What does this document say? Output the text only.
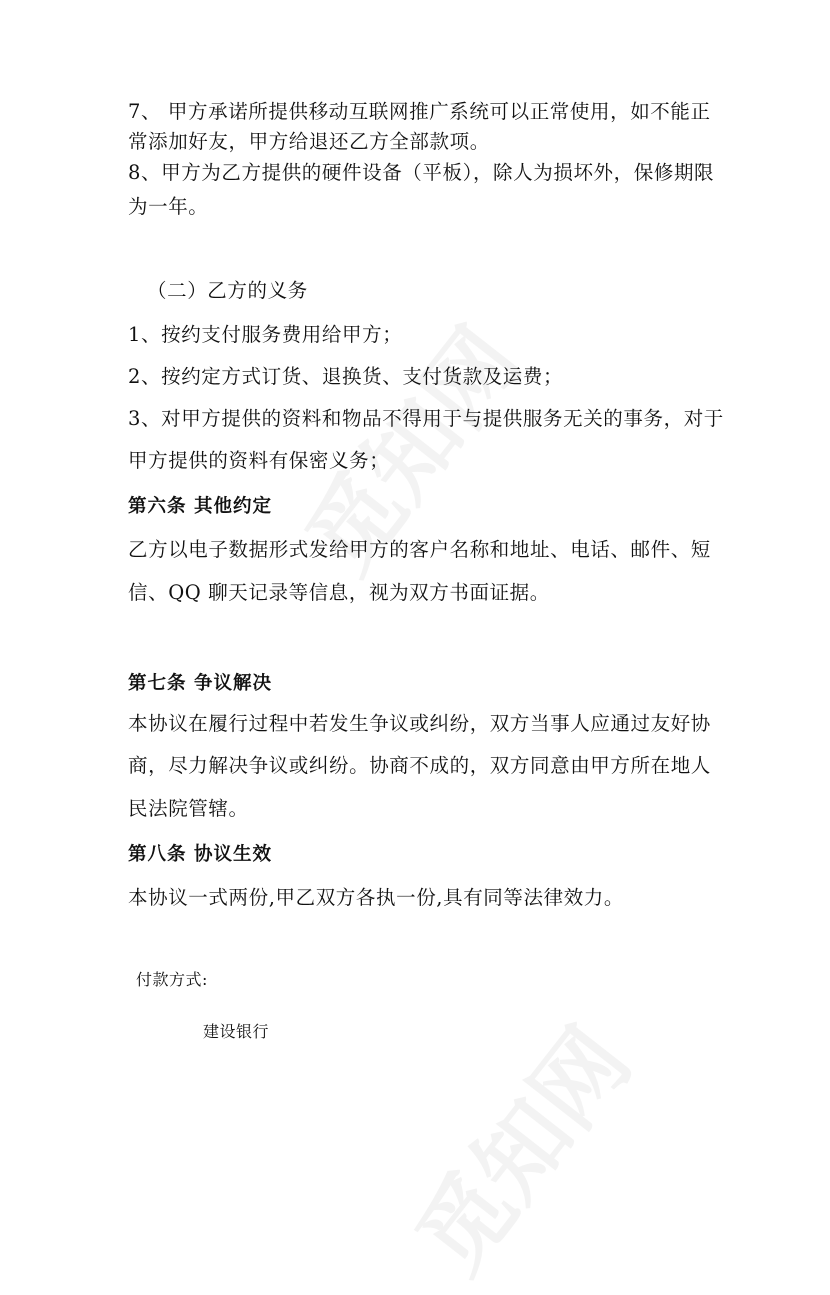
7、 甲方承诺所提供移动互联网推广系统可以正常使用，如不能正
常添加好友，甲方给退还乙方全部款项。
8、甲方为乙方提供的硬件设备（平板），除人为损坏外，保修期限
为一年。
（二）乙方的义务
1、按约支付服务费用给甲方；
2、按约定方式订货、退换货、支付货款及运费；
3、对甲方提供的资料和物品不得用于与提供服务无关的事务，对于
甲方提供的资料有保密义务；
第六条 其他约定
乙方以电子数据形式发给甲方的客户名称和地址、电话、邮件、短
信、QQ 聊天记录等信息，视为双方书面证据。
第七条 争议解决
本协议在履行过程中若发生争议或纠纷，双方当事人应通过友好协
商，尽力解决争议或纠纷。协商不成的，双方同意由甲方所在地人
民法院管辖。
第八条 协议生效
本协议一式两份,甲乙双方各执一份,具有同等法律效力。
付款方式:
建设银行
